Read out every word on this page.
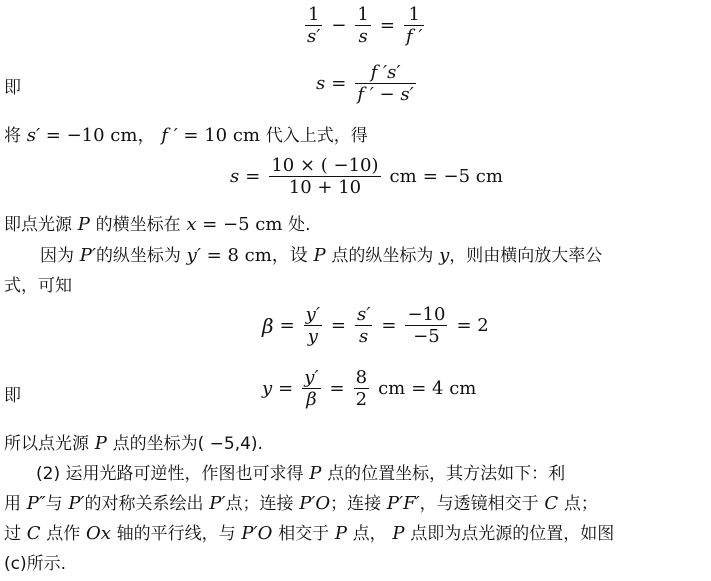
$\frac{1}{s'} - \frac{1}{s} = \frac{1}{f '}$
即	$s = \frac{f 's'}{f ' - s'}$
将 s′ = −10 cm， f ′ = 10 cm 代入上式，得
$s = \frac{10 \times ( -10)}{10 + 10}$ cm = −5 cm
即点光源 P 的横坐标在 x = −5 cm 处.
因为 P′的纵坐标为 y′ = 8 cm，设 P 点的纵坐标为 y，则由横向放大率公
式，可知
$\beta = \frac{y'}{y} = \frac{s'}{s} = \frac{-10}{-5} = 2$
即	$y = \frac{y'}{\beta} = \frac{8}{2}$ cm = 4 cm
所以点光源 P 点的坐标为( −5,4).
(2) 运用光路可逆性，作图也可求得 P 点的位置坐标，其方法如下：利
用 P″与 P′的对称关系绘出 P′点；连接 P′O；连接 P′F′，与透镜相交于 C 点；
过 C 点作 Ox 轴的平行线，与 P′O 相交于 P 点， P 点即为点光源的位置，如图
(c)所示.
